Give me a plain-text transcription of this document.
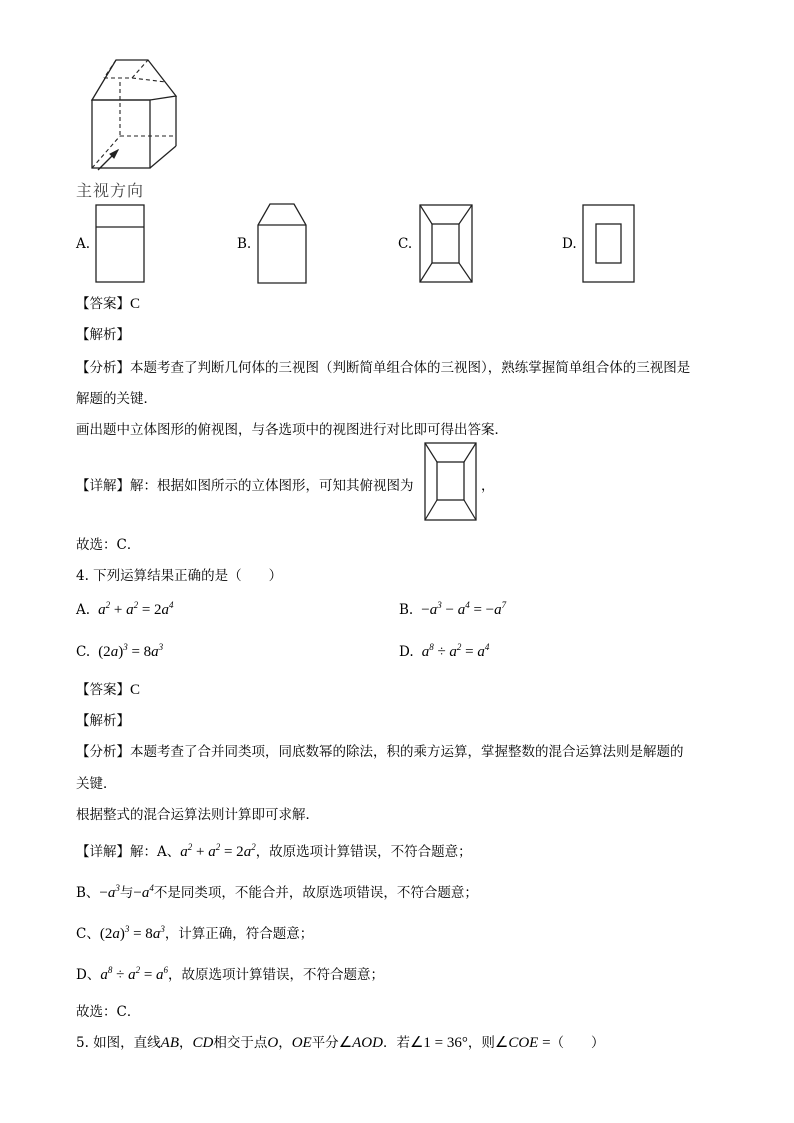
主视方向
A.	B.	C.	D.
【答案】C
【解析】
【分析】本题考查了判断几何体的三视图（判断简单组合体的三视图），熟练掌握简单组合体的三视图是
解题的关键．
画出题中立体图形的俯视图，与各选项中的视图进行对比即可得出答案．
【详解】解：根据如图所示的立体图形，可知其俯视图为	，
故选：C．
4. 下列运算结果正确的是（　　）
A.  $a^2 + a^2 = 2a^4$	B. $-a^3 - a^4 = -a^7$
C. $(2a)^3 = 8a^3$	D.  $a^8 \div a^2 = a^4$
【答案】C
【解析】
【分析】本题考查了合并同类项，同底数幂的除法，积的乘方运算，掌握整数的混合运算法则是解题的
关键．
根据整式的混合运算法则计算即可求解．
【详解】解：A、$a^2 + a^2 = 2a^2$，故原选项计算错误，不符合题意；
B、$-a^3$与$-a^4$不是同类项，不能合并，故原选项错误，不符合题意；
C、$(2a)^3 = 8a^3$，计算正确，符合题意；
D、$a^8 \div a^2 = a^6$，故原选项计算错误，不符合题意；
故选：C．
5. 如图，直线AB，CD相交于点O，OE平分∠AOD．若∠1 = 36°，则∠COE =（　　）
